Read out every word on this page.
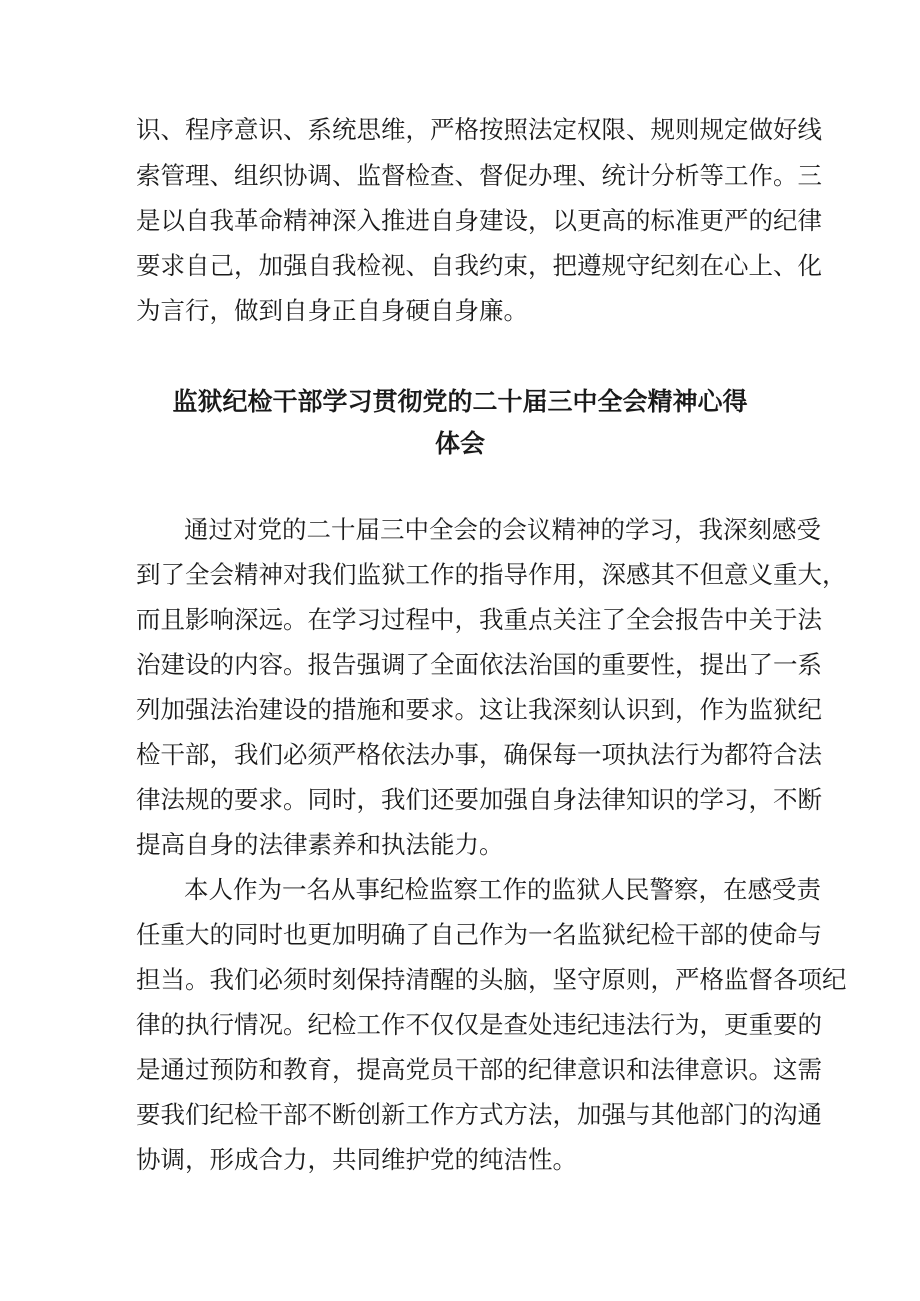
识、程序意识、系统思维，严格按照法定权限、规则规定做好线

索管理、组织协调、监督检查、督促办理、统计分析等工作。三

是以自我革命精神深入推进自身建设，以更高的标准更严的纪律

要求自己，加强自我检视、自我约束，把遵规守纪刻在心上、化

为言行，做到自身正自身硬自身廉。

监狱纪检干部学习贯彻党的二十届三中全会精神心得
体会

通过对党的二十届三中全会的会议精神的学习，我深刻感受

到了全会精神对我们监狱工作的指导作用，深感其不但意义重大，

而且影响深远。在学习过程中，我重点关注了全会报告中关于法

治建设的内容。报告强调了全面依法治国的重要性，提出了一系

列加强法治建设的措施和要求。这让我深刻认识到，作为监狱纪

检干部，我们必须严格依法办事，确保每一项执法行为都符合法

律法规的要求。同时，我们还要加强自身法律知识的学习，不断

提高自身的法律素养和执法能力。

本人作为一名从事纪检监察工作的监狱人民警察，在感受责

任重大的同时也更加明确了自己作为一名监狱纪检干部的使命与

担当。我们必须时刻保持清醒的头脑，坚守原则，严格监督各项纪

律的执行情况。纪检工作不仅仅是查处违纪违法行为，更重要的

是通过预防和教育，提高党员干部的纪律意识和法律意识。这需

要我们纪检干部不断创新工作方式方法，加强与其他部门的沟通

协调，形成合力，共同维护党的纯洁性。
